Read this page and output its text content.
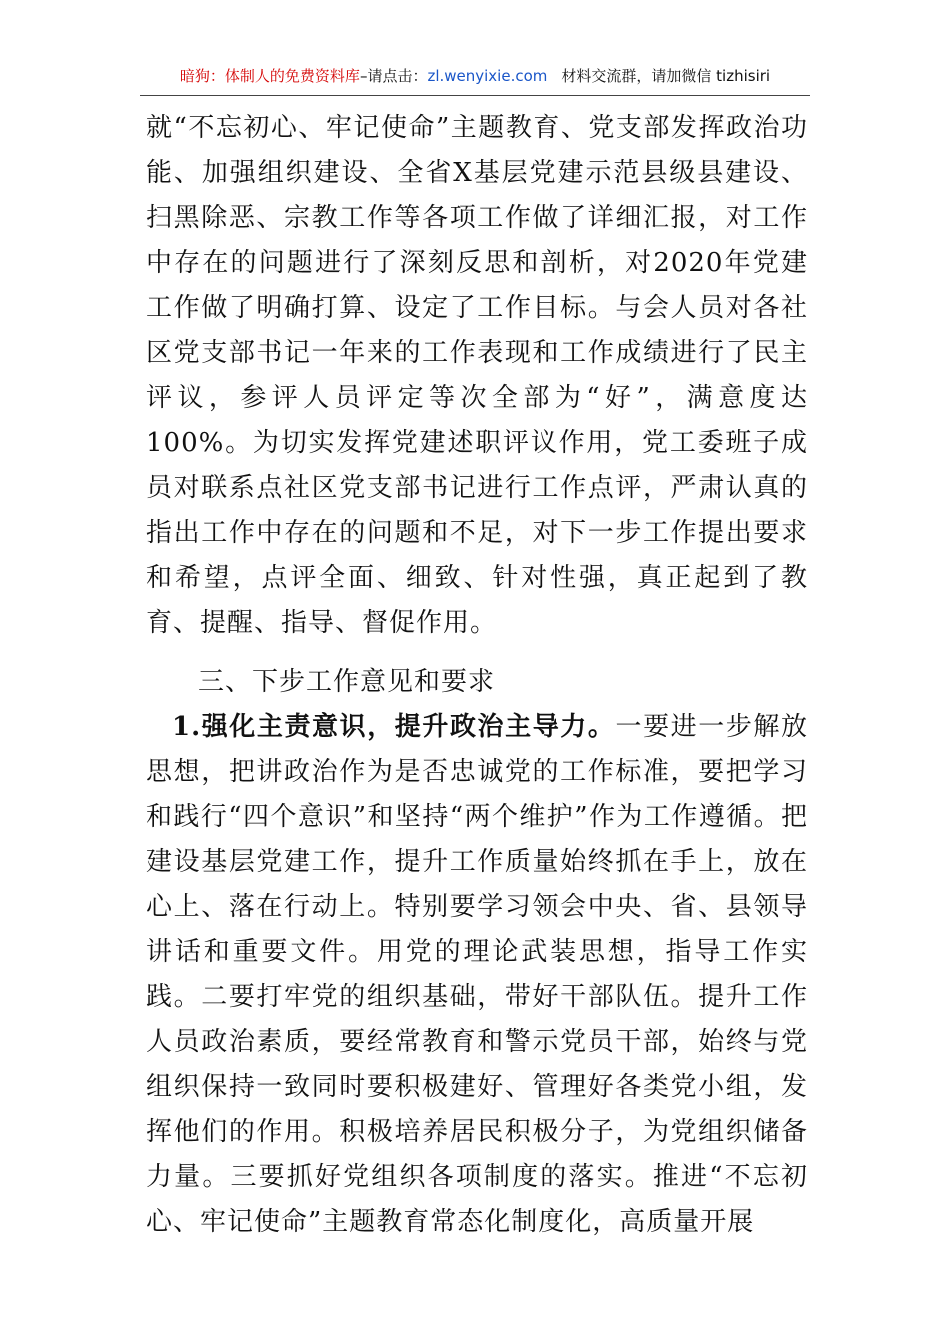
暗狗：体制人的免费资料库–请点击：zl.wenyixie.com 材料交流群，请加微信 tizhisiri

就“不忘初心、牢记使命”主题教育、党支部发挥政治功能、加强组织建设、全省X基层党建示范县级县建设、扫黑除恶、宗教工作等各项工作做了详细汇报，对工作中存在的问题进行了深刻反思和剖析，对2020年党建工作做了明确打算、设定了工作目标。与会人员对各社区党支部书记一年来的工作表现和工作成绩进行了民主评议，参评人员评定等次全部为“好”，满意度达100%。为切实发挥党建述职评议作用，党工委班子成员对联系点社区党支部书记进行工作点评，严肃认真的指出工作中存在的问题和不足，对下一步工作提出要求和希望，点评全面、细致、针对性强，真正起到了教育、提醒、指导、督促作用。

三、下步工作意见和要求

1.强化主责意识，提升政治主导力。一要进一步解放思想，把讲政治作为是否忠诚党的工作标准，要把学习和践行“四个意识”和坚持“两个维护”作为工作遵循。把建设基层党建工作，提升工作质量始终抓在手上，放在心上、落在行动上。特别要学习领会中央、省、县领导讲话和重要文件。用党的理论武装思想，指导工作实践。二要打牢党的组织基础，带好干部队伍。提升工作人员政治素质，要经常教育和警示党员干部，始终与党组织保持一致同时要积极建好、管理好各类党小组，发挥他们的作用。积极培养居民积极分子，为党组织储备力量。三要抓好党组织各项制度的落实。推进“不忘初心、牢记使命”主题教育常态化制度化，高质量开展
